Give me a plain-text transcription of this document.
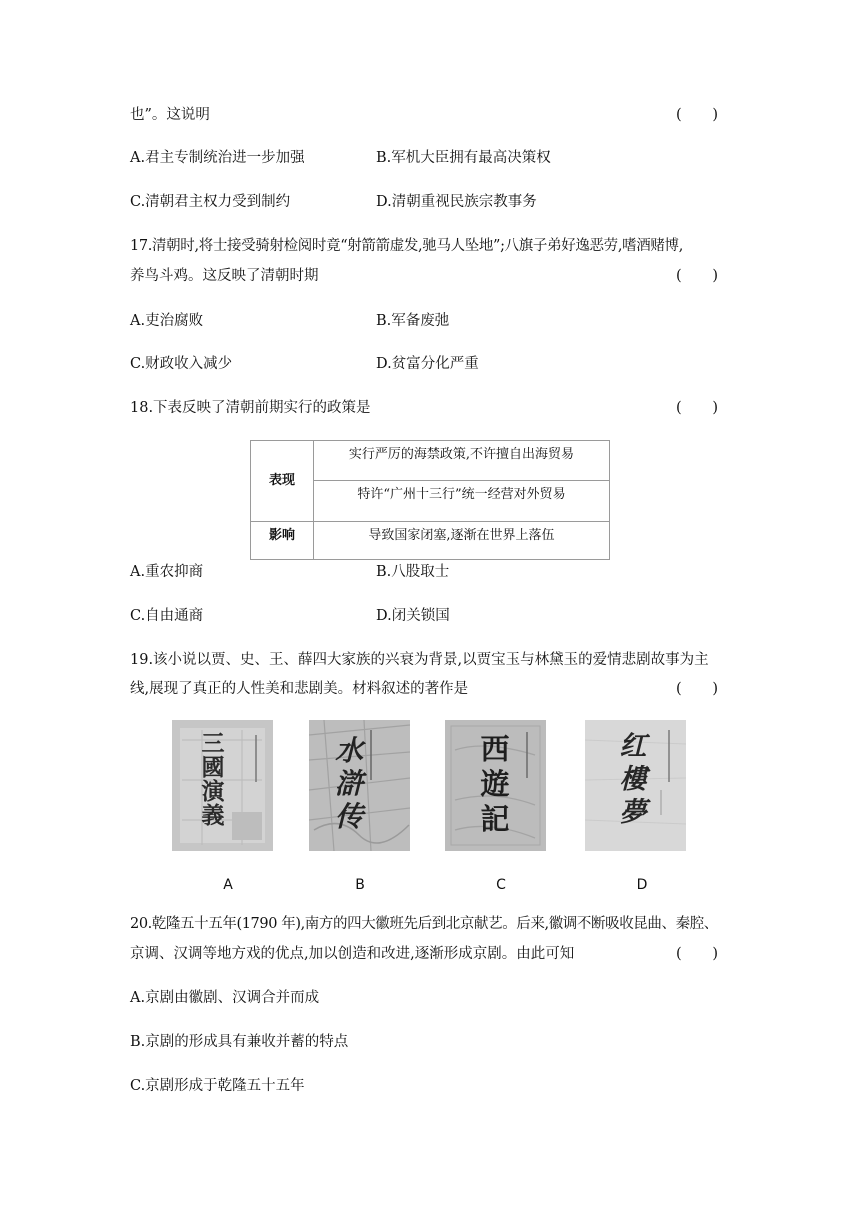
也”。这说明	( )
A.君主专制统治进一步加强	B.军机大臣拥有最高决策权
C.清朝君主权力受到制约	D.清朝重视民族宗教事务
17.清朝时,将士接受骑射检阅时竟“射箭箭虚发,驰马人坠地”;八旗子弟好逸恶劳,嗜酒赌博,
养鸟斗鸡。这反映了清朝时期	( )
A.吏治腐败	B.军备废弛
C.财政收入减少	D.贫富分化严重
18.下表反映了清朝前期实行的政策是	( )
表现	实行严厉的海禁政策,不许擅自出海贸易
	特许“广州十三行”统一经营对外贸易
影响	导致国家闭塞,逐渐在世界上落伍
A.重农抑商	B.八股取士
C.自由通商	D.闭关锁国
19.该小说以贾、史、王、薛四大家族的兴衰为背景,以贾宝玉与林黛玉的爱情悲剧故事为主
线,展现了真正的人性美和悲剧美。材料叙述的著作是	( )
三
國
演
義
水
滸
传
西
遊
記
红
樓
夢
A	B	C	D
20.乾隆五十五年(1790 年),南方的四大徽班先后到北京献艺。后来,徽调不断吸收昆曲、秦腔、
京调、汉调等地方戏的优点,加以创造和改进,逐渐形成京剧。由此可知	( )
A.京剧由徽剧、汉调合并而成
B.京剧的形成具有兼收并蓄的特点
C.京剧形成于乾隆五十五年
